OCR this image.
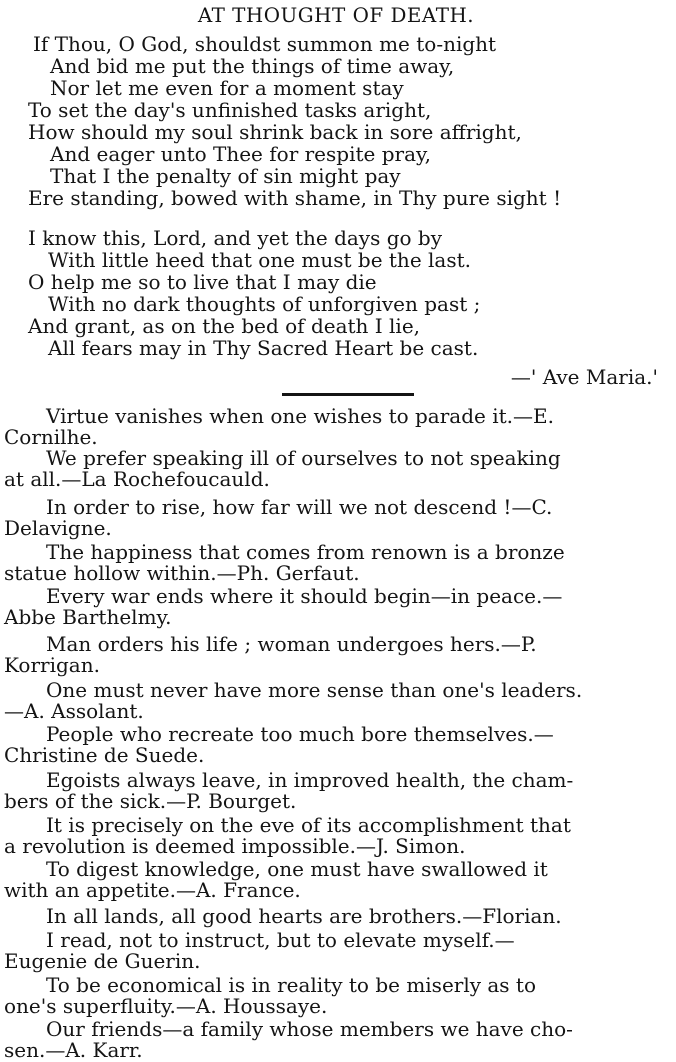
AT THOUGHT OF DEATH.
If Thou, O God, shouldst summon me to-night
And bid me put the things of time away,
Nor let me even for a moment stay
To set the day's unfinished tasks aright,
How should my soul shrink back in sore affright,
And eager unto Thee for respite pray,
That I the penalty of sin might pay
Ere standing, bowed with shame, in Thy pure sight !
I know this, Lord, and yet the days go by
With little heed that one must be the last.
O help me so to live that I may die
With no dark thoughts of unforgiven past ;
And grant, as on the bed of death I lie,
All fears may in Thy Sacred Heart be cast.
—' Ave Maria.'
Virtue vanishes when one wishes to parade it.—E.
Cornilhe.
We prefer speaking ill of ourselves to not speaking
at all.—La Rochefoucauld.
In order to rise, how far will we not descend !—C.
Delavigne.
The happiness that comes from renown is a bronze
statue hollow within.—Ph. Gerfaut.
Every war ends where it should begin—in peace.—
Abbe Barthelmy.
Man orders his life ; woman undergoes hers.—P.
Korrigan.
One must never have more sense than one's leaders.
—A. Assolant.
People who recreate too much bore themselves.—
Christine de Suede.
Egoists always leave, in improved health, the cham-
bers of the sick.—P. Bourget.
It is precisely on the eve of its accomplishment that
a revolution is deemed impossible.—J. Simon.
To digest knowledge, one must have swallowed it
with an appetite.—A. France.
In all lands, all good hearts are brothers.—Florian.
I read, not to instruct, but to elevate myself.—
Eugenie de Guerin.
To be economical is in reality to be miserly as to
one's superfluity.—A. Houssaye.
Our friends—a family whose members we have cho-
sen.—A. Karr.
